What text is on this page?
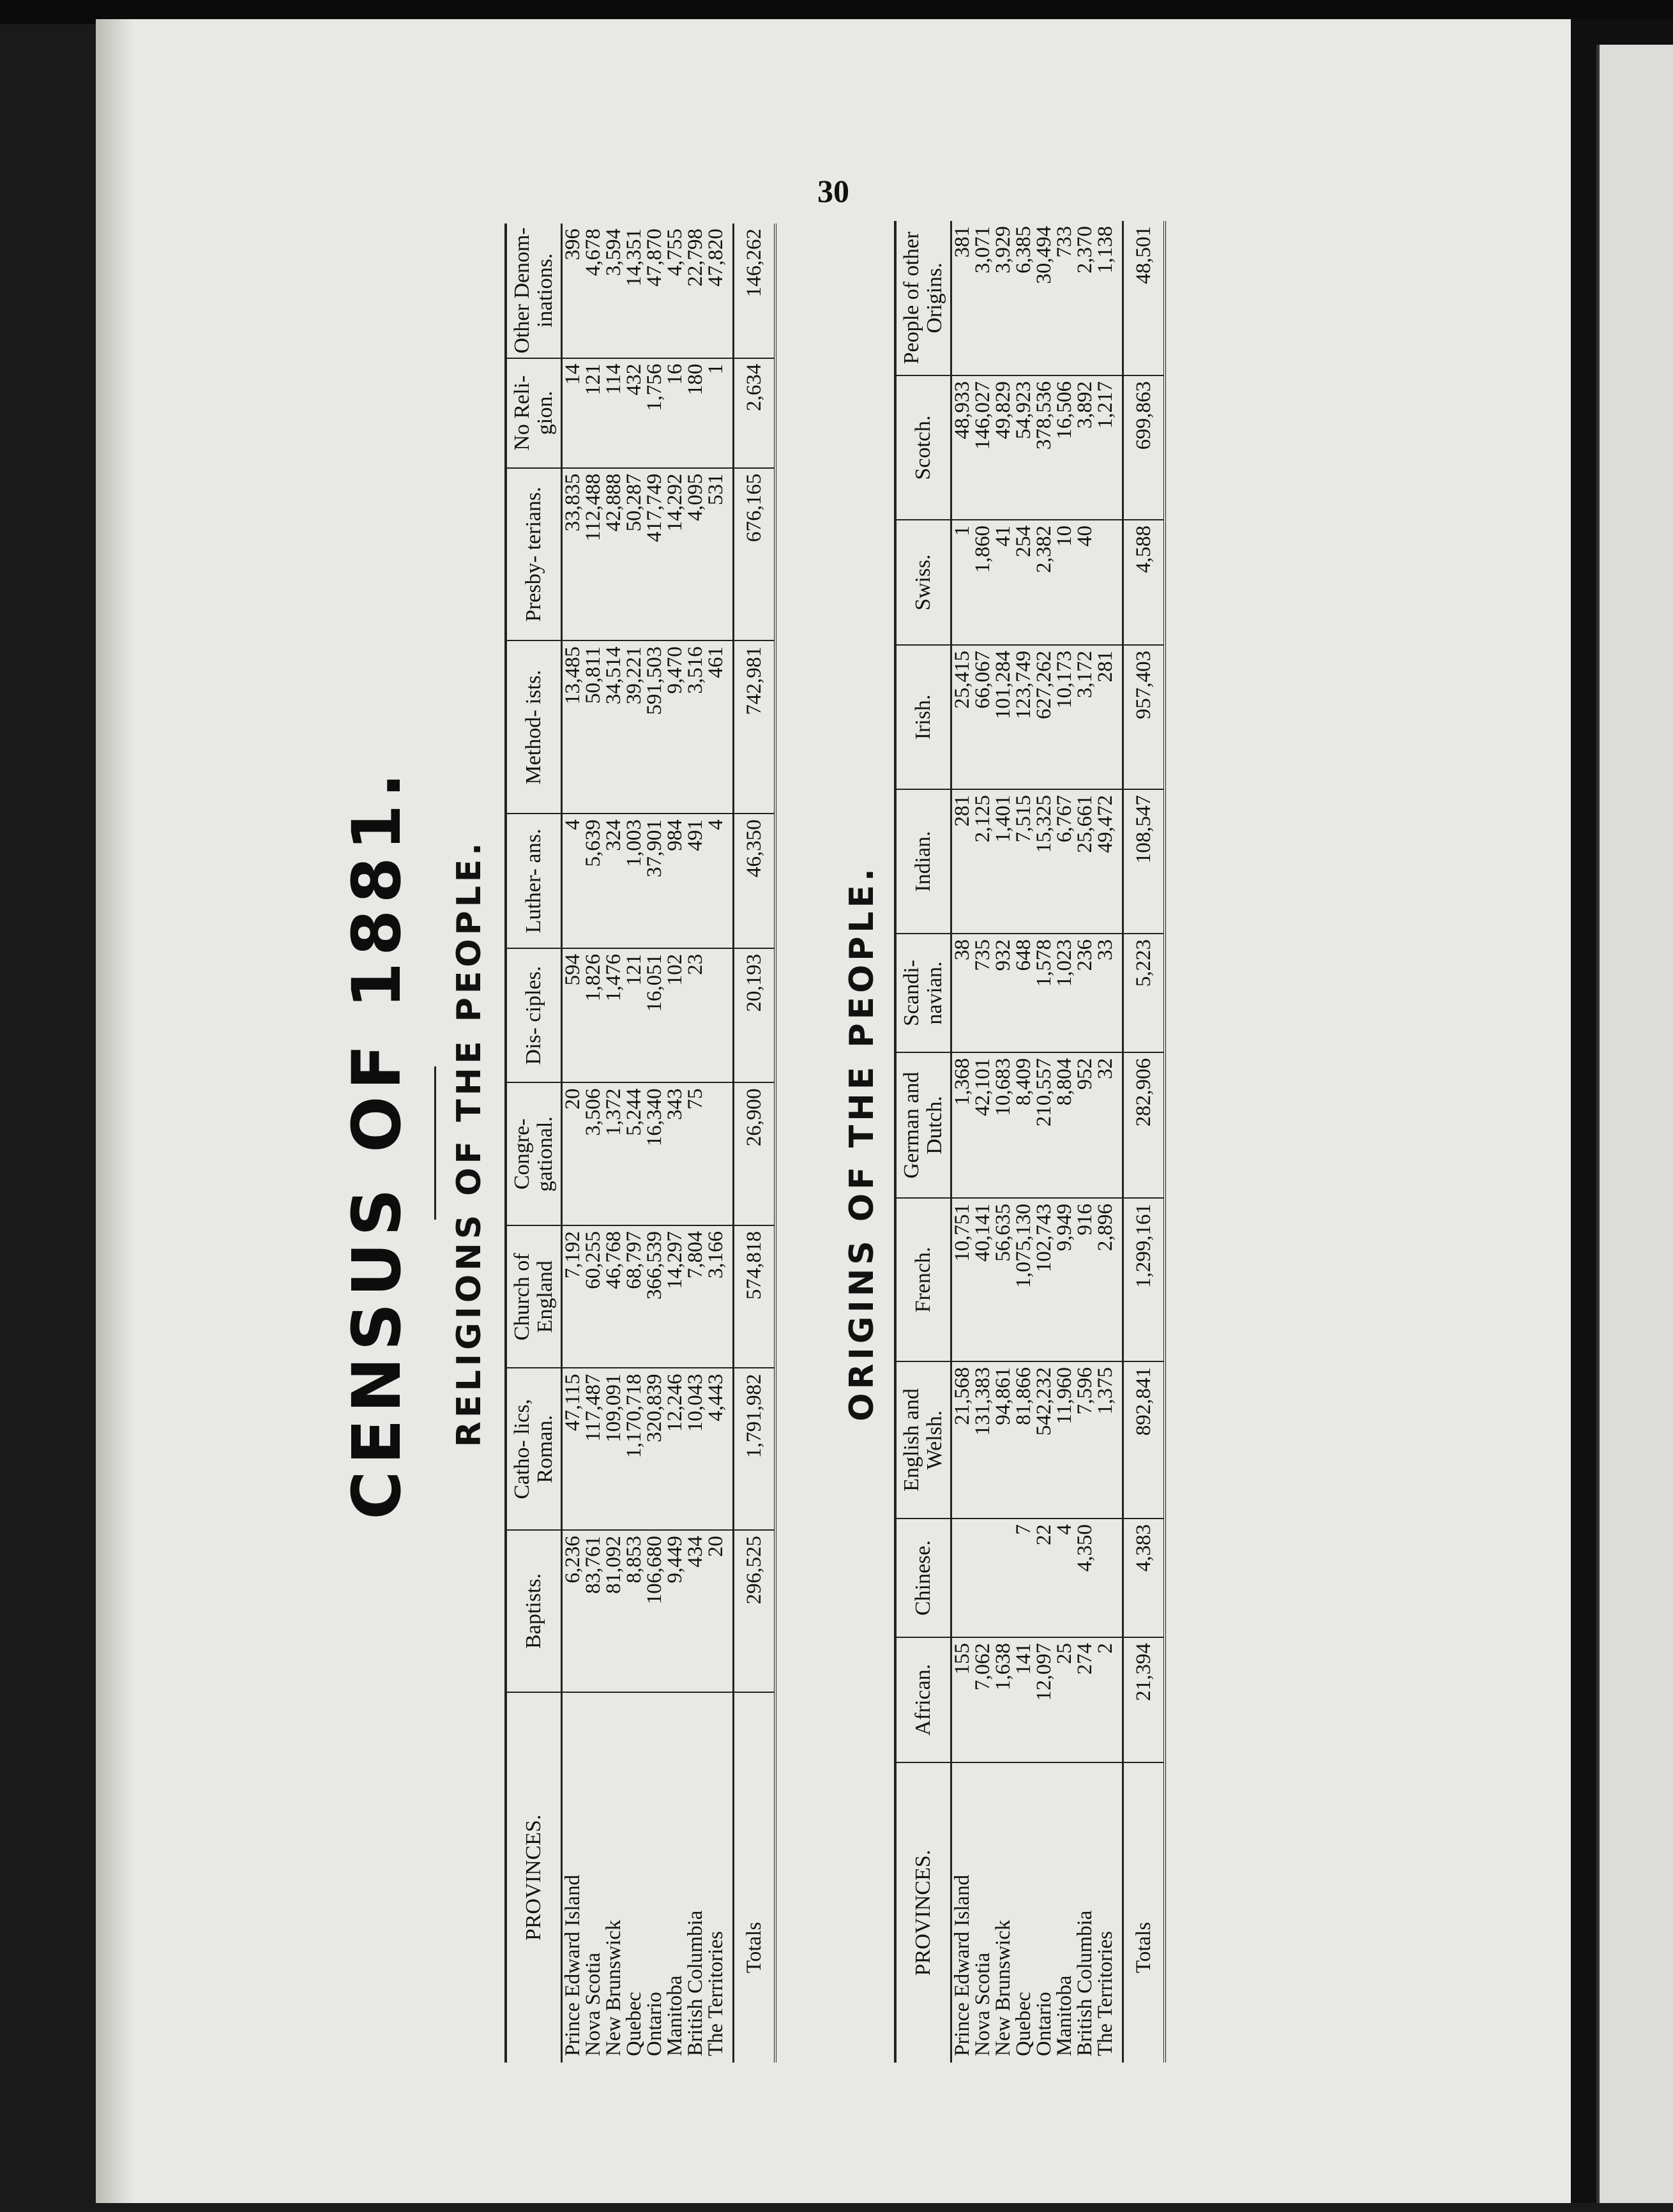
30
CENSUS OF 1881. RELIGIONS OF THE PEOPLE.
PROVINCES.	Baptists.	Catho- lics, Roman.	Church of England	Congre- gational.	Dis- ciples.	Luther- ans.	Method- ists.	Presby- terians.	No Reli- gion.	Other Denom- inations.
Prince Edward Island	6,236	47,115	7,192	20	594	4	13,485	33,835	14	396
Nova Scotia	83,761	117,487	60,255	3,506	1,826	5,639	50,811	112,488	121	4,678
New Brunswick	81,092	109,091	46,768	1,372	1,476	324	34,514	42,888	114	3,594
Quebec	8,853	1,170,718	68,797	5,244	121	1,003	39,221	50,287	432	14,351
Ontario	106,680	320,839	366,539	16,340	16,051	37,901	591,503	417,749	1,756	47,870
Manitoba	9,449	12,246	14,297	343	102	984	9,470	14,292	16	4,755
British Columbia	434	10,043	7,804	75	23	491	3,516	4,095	180	22,798
The Territories	20	4,443	3,166			4	461	531	1	47,820
Totals	296,525	1,791,982	574,818	26,900	20,193	46,350	742,981	676,165	2,634	146,262
ORIGINS OF THE PEOPLE.
PROVINCES.	African.	Chinese.	English and Welsh.	French.	German and Dutch.	Scandi- navian.	Indian.	Irish.	Swiss.	Scotch.	People of other Origins.
Prince Edward Island	155		21,568	10,751	1,368	38	281	25,415	1	48,933	381
Nova Scotia	7,062		131,383	40,141	42,101	735	2,125	66,067	1,860	146,027	3,071
New Brunswick	1,638		94,861	56,635	10,683	932	1,401	101,284	41	49,829	3,929
Quebec	141	7	81,866	1,075,130	8,409	648	7,515	123,749	254	54,923	6,385
Ontario	12,097	22	542,232	102,743	210,557	1,578	15,325	627,262	2,382	378,536	30,494
Manitoba	25	4	11,960	9,949	8,804	1,023	6,767	10,173	10	16,506	733
British Columbia	274	4,350	7,596	916	952	236	25,661	3,172	40	3,892	2,370
The Territories	2		1,375	2,896	32	33	49,472	281		1,217	1,138
Totals	21,394	4,383	892,841	1,299,161	282,906	5,223	108,547	957,403	4,588	699,863	48,501
